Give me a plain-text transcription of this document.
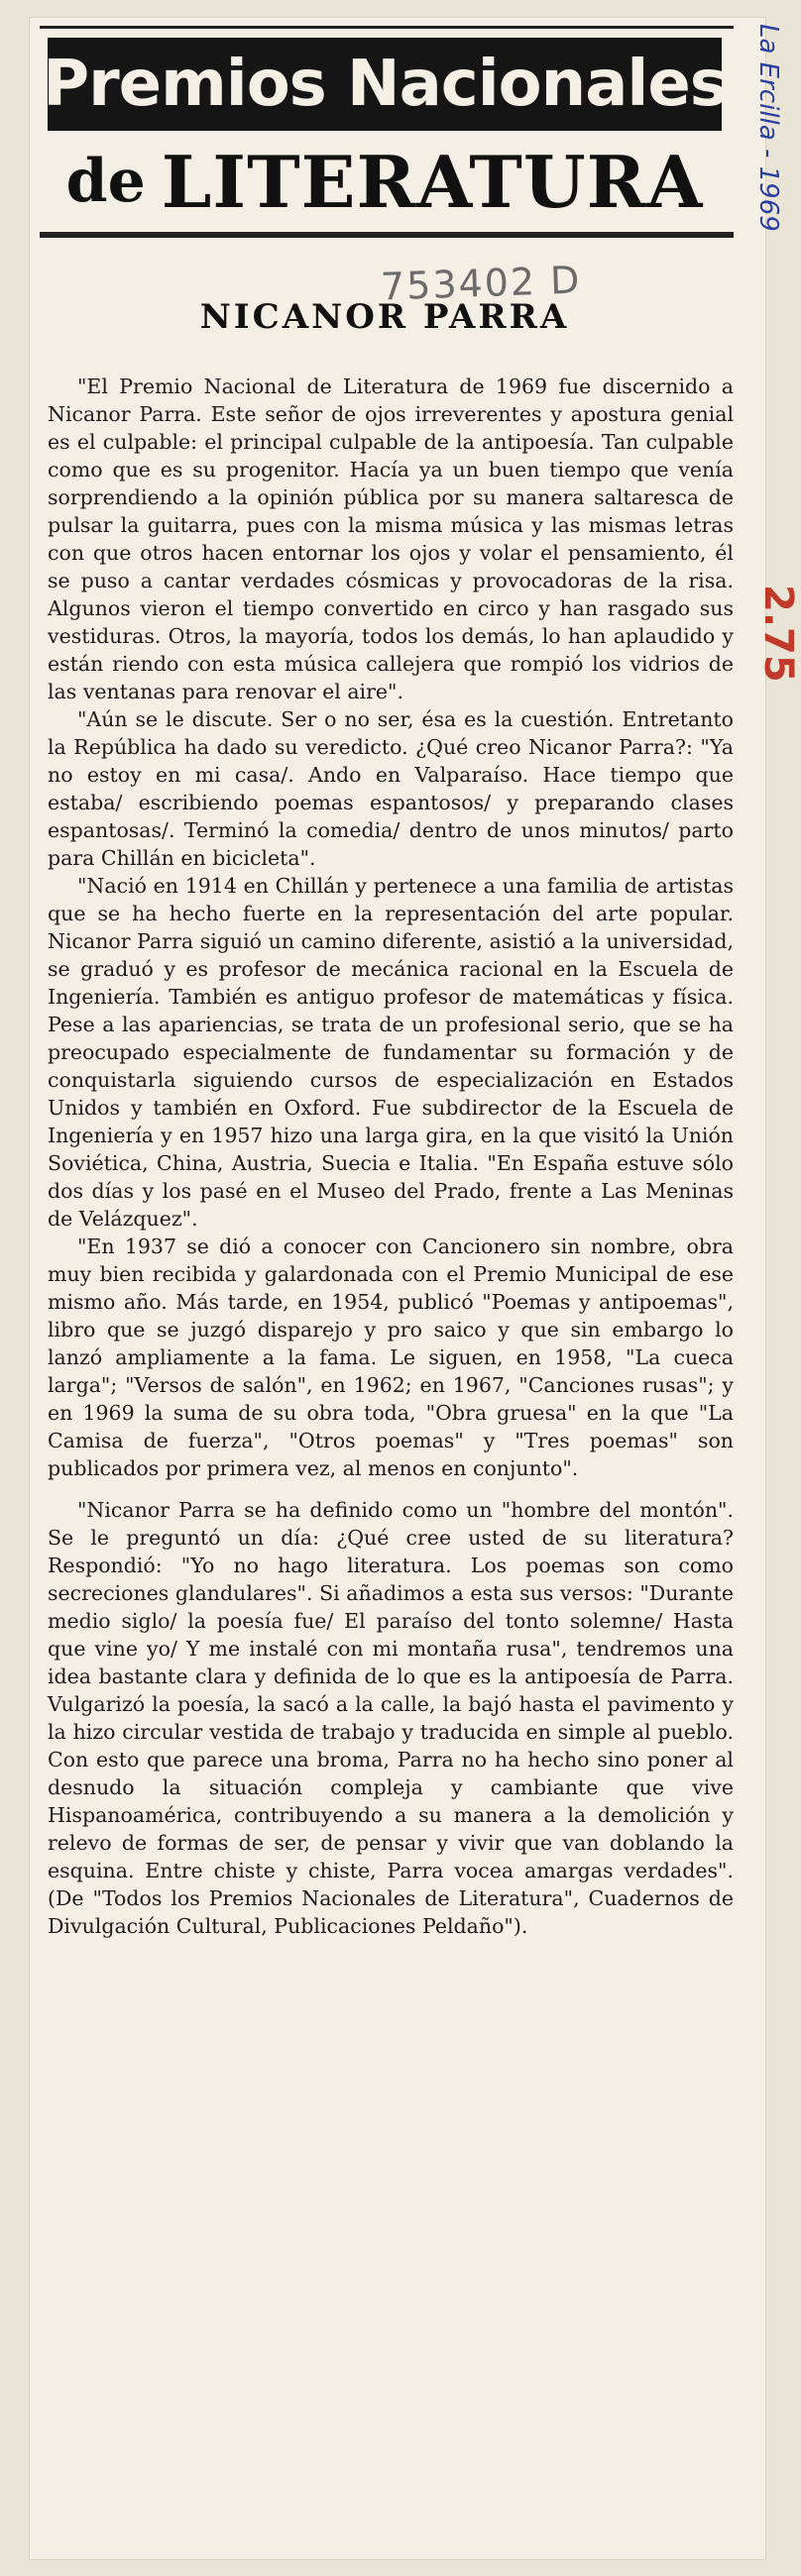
Premios Nacionales
de LITERATURA
753402 D
NICANOR PARRA
La Ercilla - 1969
2.75

"El Premio Nacional de Literatura de 1969 fue discernido a Nicanor Parra. Este señor de ojos irreverentes y apostura genial es el culpable: el principal culpable de la antipoesía. Tan culpable como que es su progenitor. Hacía ya un buen tiempo que venía sorprendiendo a la opinión pública por su manera saltaresca de pulsar la guitarra, pues con la misma música y las mismas letras con que otros hacen entornar los ojos y volar el pensamiento, él se puso a cantar verdades cósmicas y provocadoras de la risa. Algunos vieron el tiempo convertido en circo y han rasgado sus vestiduras. Otros, la mayoría, todos los demás, lo han aplaudido y están riendo con esta música callejera que rompió los vidrios de las ventanas para renovar el aire".

"Aún se le discute. Ser o no ser, ésa es la cuestión. Entretanto la República ha dado su veredicto. ¿Qué creo Nicanor Parra?: "Ya no estoy en mi casa/. Ando en Valparaíso. Hace tiempo que estaba/ escribiendo poemas espantosos/ y preparando clases espantosas/. Terminó la comedia/ dentro de unos minutos/ parto para Chillán en bicicleta".

"Nació en 1914 en Chillán y pertenece a una familia de artistas que se ha hecho fuerte en la representación del arte popular. Nicanor Parra siguió un camino diferente, asistió a la universidad, se graduó y es profesor de mecánica racional en la Escuela de Ingeniería. También es antiguo profesor de matemáticas y física. Pese a las apariencias, se trata de un profesional serio, que se ha preocupado especialmente de fundamentar su formación y de conquistarla siguiendo cursos de especialización en Estados Unidos y también en Oxford. Fue subdirector de la Escuela de Ingeniería y en 1957 hizo una larga gira, en la que visitó la Unión Soviética, China, Austria, Suecia e Italia. "En España estuve sólo dos días y los pasé en el Museo del Prado, frente a Las Meninas de Velázquez".

"En 1937 se dió a conocer con Cancionero sin nombre, obra muy bien recibida y galardonada con el Premio Municipal de ese mismo año. Más tarde, en 1954, publicó "Poemas y antipoemas", libro que se juzgó disparejo y pro saico y que sin embargo lo lanzó ampliamente a la fama. Le siguen, en 1958, "La cueca larga"; "Versos de salón", en 1962; en 1967, "Canciones rusas"; y en 1969 la suma de su obra toda, "Obra gruesa" en la que "La Camisa de fuerza", "Otros poemas" y "Tres poemas" son publicados por primera vez, al menos en conjunto".

"Nicanor Parra se ha definido como un "hombre del montón". Se le preguntó un día: ¿Qué cree usted de su literatura? Respondió: "Yo no hago literatura. Los poemas son como secreciones glandulares". Si añadimos a esta sus versos: "Durante medio siglo/ la poesía fue/ El paraíso del tonto solemne/ Hasta que vine yo/ Y me instalé con mi montaña rusa", tendremos una idea bastante clara y definida de lo que es la antipoesía de Parra. Vulgarizó la poesía, la sacó a la calle, la bajó hasta el pavimento y la hizo circular vestida de trabajo y traducida en simple al pueblo. Con esto que parece una broma, Parra no ha hecho sino poner al desnudo la situación compleja y cambiante que vive Hispanoamérica, contribuyendo a su manera a la demolición y relevo de formas de ser, de pensar y vivir que van doblando la esquina. Entre chiste y chiste, Parra vocea amargas verdades". (De "Todos los Premios Nacionales de Literatura", Cuadernos de Divulgación Cultural, Publicaciones Peldaño").
